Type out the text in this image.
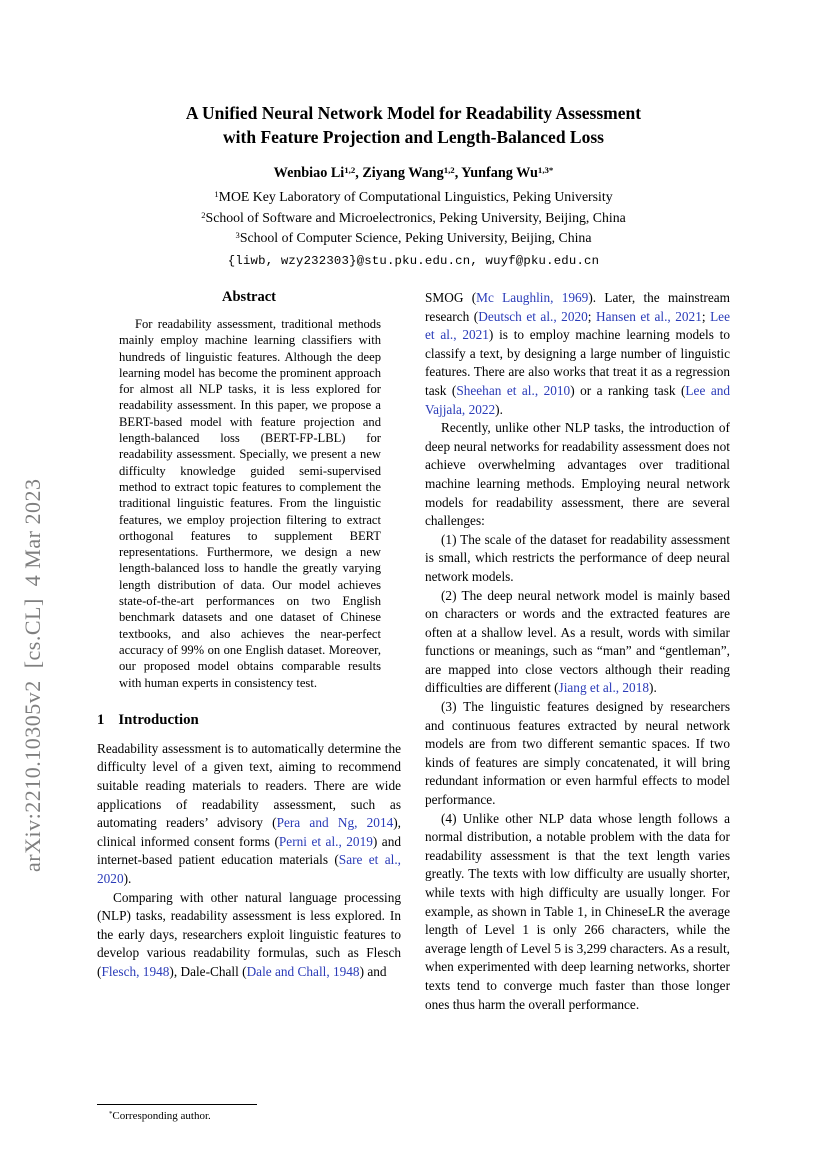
arXiv:2210.10305v2  [cs.CL]  4 Mar 2023
A Unified Neural Network Model for Readability Assessment
with Feature Projection and Length-Balanced Loss
Wenbiao Li$^{1,2}$, Ziyang Wang$^{1,2}$, Yunfang $Wu^{1,3*}$
$^1$MOE Key Laboratory of Computational Linguistics, Peking University
$^2$School of Software and Microelectronics, Peking University, Beijing, China
$^3$School of Computer Science, Peking University, Beijing, China
{liwb, wzy232303}@stu.pku.edu.cn, wuyf@pku.edu.cn
Abstract

For readability assessment, traditional methods mainly employ machine learning classifiers with hundreds of linguistic features. Although the deep learning model has become the prominent approach for almost all NLP tasks, it is less explored for readability assessment. In this paper, we propose a BERT-based model with feature projection and length-balanced loss (BERT-FP-LBL) for readability assessment. Specially, we present a new difficulty knowledge guided semi-supervised method to extract topic features to complement the traditional linguistic features. From the linguistic features, we employ projection filtering to extract orthogonal features to supplement BERT representations. Furthermore, we design a new length-balanced loss to handle the greatly varying length distribution of data. Our model achieves state-of-the-art performances on two English benchmark datasets and one dataset of Chinese textbooks, and also achieves the near-perfect accuracy of 99% on one English dataset. Moreover, our proposed model obtains comparable results with human experts in consistency test.

1 Introduction

Readability assessment is to automatically determine the difficulty level of a given text, aiming to recommend suitable reading materials to readers. There are wide applications of readability assessment, such as automating readers’ advisory (Pera and Ng, 2014), clinical informed consent forms (Perni et al., 2019) and internet-based patient education materials (Sare et al., 2020).

Comparing with other natural language processing (NLP) tasks, readability assessment is less explored. In the early days, researchers exploit linguistic features to develop various readability formulas, such as Flesch (Flesch, 1948), Dale-Chall (Dale and Chall, 1948) and

SMOG (Mc Laughlin, 1969). Later, the mainstream research (Deutsch et al., 2020; Hansen et al., 2021; Lee et al., 2021) is to employ machine learning models to classify a text, by designing a large number of linguistic features. There are also works that treat it as a regression task (Sheehan et al., 2010) or a ranking task (Lee and Vajjala, 2022).

Recently, unlike other NLP tasks, the introduction of deep neural networks for readability assessment does not achieve overwhelming advantages over traditional machine learning methods. Employing neural network models for readability assessment, there are several challenges:

(1) The scale of the dataset for readability assessment is small, which restricts the performance of deep neural network models.

(2) The deep neural network model is mainly based on characters or words and the extracted features are often at a shallow level. As a result, words with similar functions or meanings, such as “man” and “gentleman”, are mapped into close vectors although their reading difficulties are different (Jiang et al., 2018).

(3) The linguistic features designed by researchers and continuous features extracted by neural network models are from two different semantic spaces. If two kinds of features are simply concatenated, it will bring redundant information or even harmful effects to model performance.

(4) Unlike other NLP data whose length follows a normal distribution, a notable problem with the data for readability assessment is that the text length varies greatly. The texts with low difficulty are usually shorter, while texts with high difficulty are usually longer. For example, as shown in Table 1, in ChineseLR the average length of Level 1 is only 266 characters, while the average length of Level 5 is 3,299 characters. As a result, when experimented with deep learning networks, shorter texts tend to converge much faster than those longer ones thus harm the overall performance.

*Corresponding author.
